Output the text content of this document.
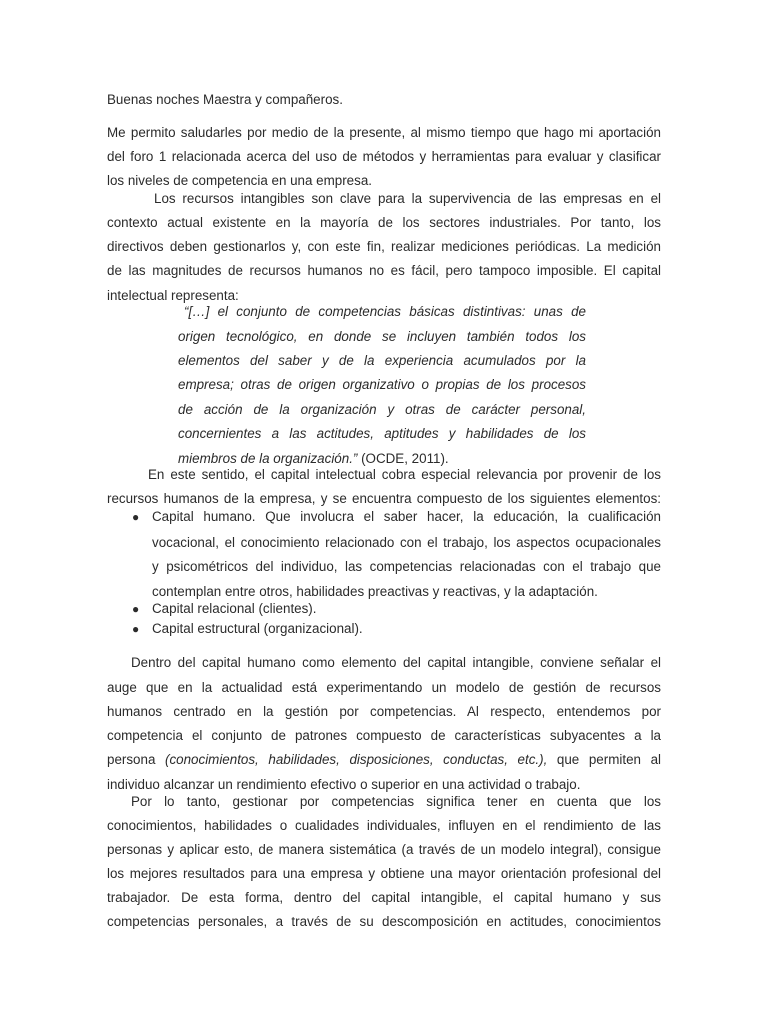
Buenas noches Maestra y compañeros.
Me permito saludarles por medio de la presente, al mismo tiempo que hago mi aportación
del foro 1 relacionada acerca del uso de métodos y herramientas para evaluar y clasificar
los niveles de competencia en una empresa.
Los recursos intangibles son clave para la supervivencia de las empresas en el
contexto actual existente en la mayoría de los sectores industriales. Por tanto, los
directivos deben gestionarlos y, con este fin, realizar mediciones periódicas. La medición
de las magnitudes de recursos humanos no es fácil, pero tampoco imposible. El capital
intelectual representa:
“[…] el conjunto de competencias básicas distintivas: unas de
origen tecnológico, en donde se incluyen también todos los
elementos del saber y de la experiencia acumulados por la
empresa; otras de origen organizativo o propias de los procesos
de acción de la organización y otras de carácter personal,
concernientes a las actitudes, aptitudes y habilidades de los
miembros de la organización.” (OCDE, 2011).
En este sentido, el capital intelectual cobra especial relevancia por provenir de los
recursos humanos de la empresa, y se encuentra compuesto de los siguientes elementos:
● Capital humano. Que involucra el saber hacer, la educación, la cualificación
vocacional, el conocimiento relacionado con el trabajo, los aspectos ocupacionales
y psicométricos del individuo, las competencias relacionadas con el trabajo que
contemplan entre otros, habilidades preactivas y reactivas, y la adaptación.
● Capital relacional (clientes).
● Capital estructural (organizacional).
Dentro del capital humano como elemento del capital intangible, conviene señalar el
auge que en la actualidad está experimentando un modelo de gestión de recursos
humanos centrado en la gestión por competencias. Al respecto, entendemos por
competencia el conjunto de patrones compuesto de características subyacentes a la
persona (conocimientos, habilidades, disposiciones, conductas, etc.), que permiten al
individuo alcanzar un rendimiento efectivo o superior en una actividad o trabajo.
Por lo tanto, gestionar por competencias significa tener en cuenta que los
conocimientos, habilidades o cualidades individuales, influyen en el rendimiento de las
personas y aplicar esto, de manera sistemática (a través de un modelo integral), consigue
los mejores resultados para una empresa y obtiene una mayor orientación profesional del
trabajador. De esta forma, dentro del capital intangible, el capital humano y sus
competencias personales, a través de su descomposición en actitudes, conocimientos
